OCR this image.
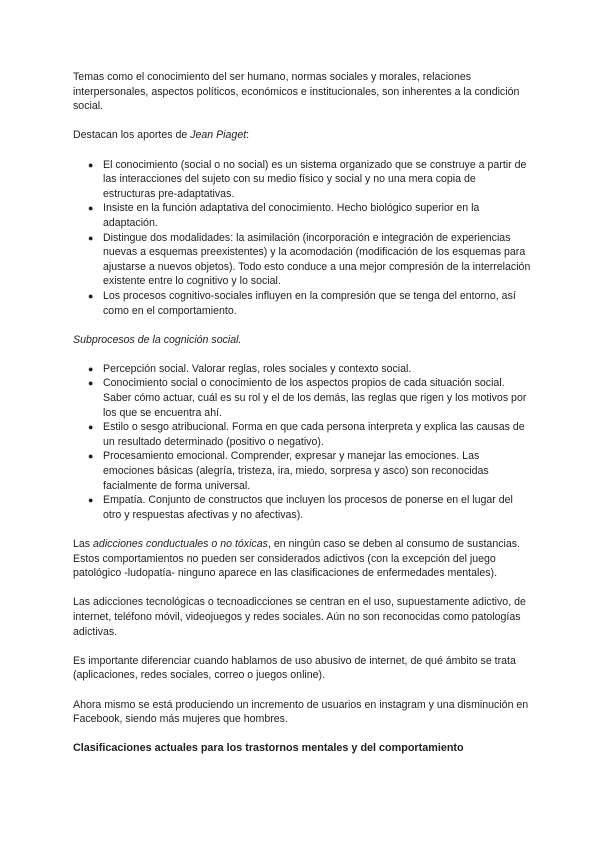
Temas como el conocimiento del ser humano, normas sociales y morales, relaciones interpersonales, aspectos políticos, económicos e institucionales, son inherentes a la condición social.

Destacan los aportes de Jean Piaget:

● El conocimiento (social o no social) es un sistema organizado que se construye a partir de las interacciones del sujeto con su medio físico y social y no una mera copia de estructuras pre-adaptativas.
● Insiste en la función adaptativa del conocimiento. Hecho biológico superior en la adaptación.
● Distingue dos modalidades: la asimilación (incorporación e integración de experiencias nuevas a esquemas preexistentes) y la acomodación (modificación de los esquemas para ajustarse a nuevos objetos). Todo esto conduce a una mejor compresión de la interrelación existente entre lo cognitivo y lo social.
● Los procesos cognitivo-sociales influyen en la compresión que se tenga del entorno, así como en el comportamiento.

Subprocesos de la cognición social.

● Percepción social. Valorar reglas, roles sociales y contexto social.
● Conocimiento social o conocimiento de los aspectos propios de cada situación social. Saber cómo actuar, cuál es su rol y el de los demás, las reglas que rigen y los motivos por los que se encuentra ahí.
● Estilo o sesgo atribucional. Forma en que cada persona interpreta y explica las causas de un resultado determinado (positivo o negativo).
● Procesamiento emocional. Comprender, expresar y manejar las emociones. Las emociones básicas (alegría, tristeza, ira, miedo, sorpresa y asco) son reconocidas facialmente de forma universal.
● Empatía. Conjunto de constructos que incluyen los procesos de ponerse en el lugar del otro y respuestas afectivas y no afectivas).

Las adicciones conductuales o no tóxicas, en ningún caso se deben al consumo de sustancias. Estos comportamientos no pueden ser considerados adictivos (con la excepción del juego patológico -ludopatía- ninguno aparece en las clasificaciones de enfermedades mentales).

Las adicciones tecnológicas o tecnoadicciones se centran en el uso, supuestamente adictivo, de internet, teléfono móvil, videojuegos y redes sociales. Aún no son reconocidas como patologías adictivas.

Es importante diferenciar cuando hablamos de uso abusivo de internet, de qué ámbito se trata (aplicaciones, redes sociales, correo o juegos online).

Ahora mismo se está produciendo un incremento de usuarios en instagram y una disminución en Facebook, siendo más mujeres que hombres.

Clasificaciones actuales para los trastornos mentales y del comportamiento
